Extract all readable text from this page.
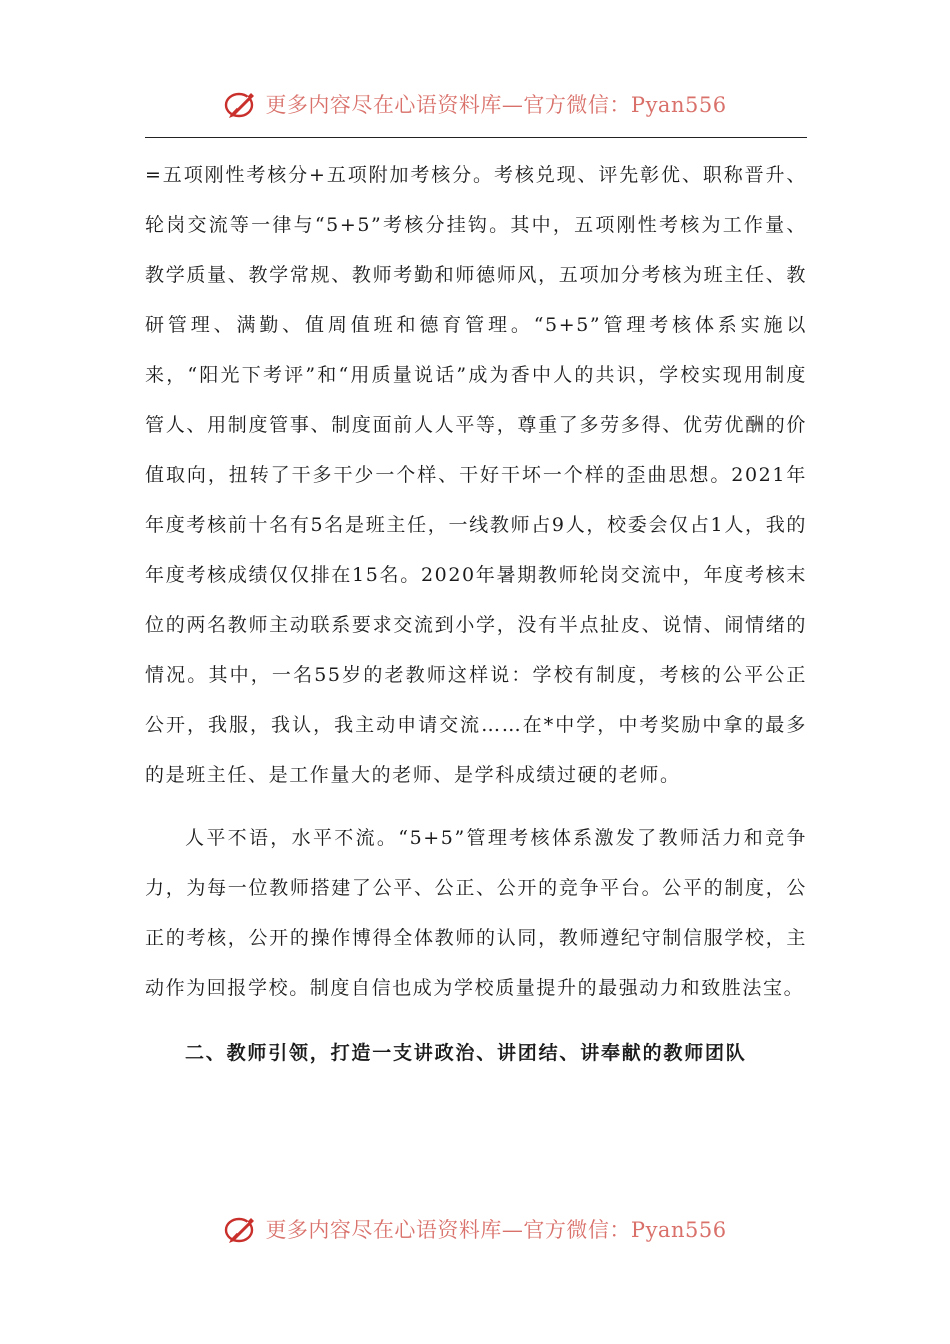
更多内容尽在心语资料库—官方微信：Pyan556

=五项刚性考核分+五项附加考核分。考核兑现、评先彰优、职称晋升、轮岗交流等一律与“5+5”考核分挂钩。其中，五项刚性考核为工作量、教学质量、教学常规、教师考勤和师德师风，五项加分考核为班主任、教研管理、满勤、值周值班和德育管理。“5+5”管理考核体系实施以来，“阳光下考评”和“用质量说话”成为香中人的共识，学校实现用制度管人、用制度管事、制度面前人人平等，尊重了多劳多得、优劳优酬的价值取向，扭转了干多干少一个样、干好干坏一个样的歪曲思想。2021年年度考核前十名有5名是班主任，一线教师占9人，校委会仅占1人，我的年度考核成绩仅仅排在15名。2020年暑期教师轮岗交流中，年度考核末位的两名教师主动联系要求交流到小学，没有半点扯皮、说情、闹情绪的情况。其中，一名55岁的老教师这样说：学校有制度，考核的公平公正公开，我服，我认，我主动申请交流……在*中学，中考奖励中拿的最多的是班主任、是工作量大的老师、是学科成绩过硬的老师。

人平不语，水平不流。“5+5”管理考核体系激发了教师活力和竞争力，为每一位教师搭建了公平、公正、公开的竞争平台。公平的制度，公正的考核，公开的操作博得全体教师的认同，教师遵纪守制信服学校，主动作为回报学校。制度自信也成为学校质量提升的最强动力和致胜法宝。

二、教师引领，打造一支讲政治、讲团结、讲奉献的教师团队

更多内容尽在心语资料库—官方微信：Pyan556
